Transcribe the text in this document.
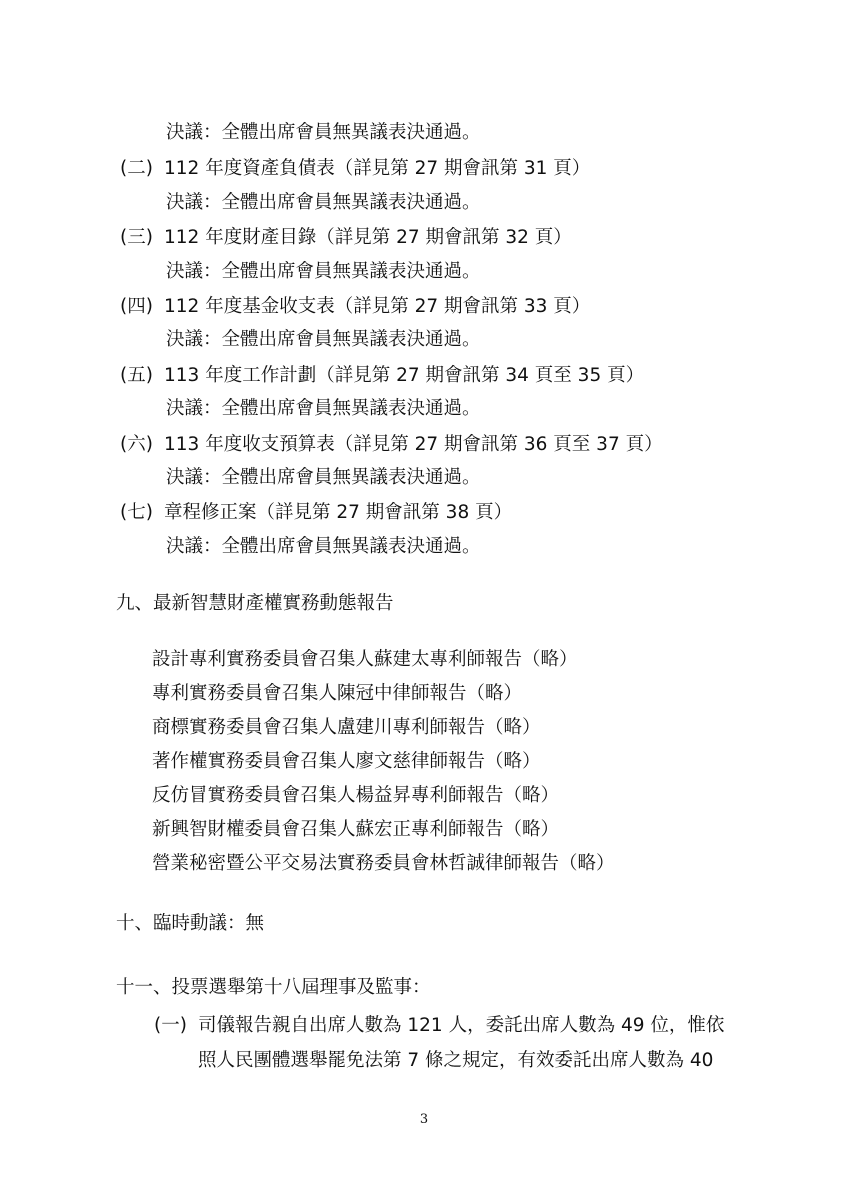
決議：全體出席會員無異議表決通過。
(二) 112 年度資產負債表（詳見第 27 期會訊第 31 頁）
決議：全體出席會員無異議表決通過。
(三) 112 年度財產目錄（詳見第 27 期會訊第 32 頁）
決議：全體出席會員無異議表決通過。
(四) 112 年度基金收支表（詳見第 27 期會訊第 33 頁）
決議：全體出席會員無異議表決通過。
(五) 113 年度工作計劃（詳見第 27 期會訊第 34 頁至 35 頁）
決議：全體出席會員無異議表決通過。
(六) 113 年度收支預算表（詳見第 27 期會訊第 36 頁至 37 頁）
決議：全體出席會員無異議表決通過。
(七) 章程修正案（詳見第 27 期會訊第 38 頁）
決議：全體出席會員無異議表決通過。
九、最新智慧財產權實務動態報告
設計專利實務委員會召集人蘇建太專利師報告（略）
專利實務委員會召集人陳冠中律師報告（略）
商標實務委員會召集人盧建川專利師報告（略）
著作權實務委員會召集人廖文慈律師報告（略）
反仿冒實務委員會召集人楊益昇專利師報告（略）
新興智財權委員會召集人蘇宏正專利師報告（略）
營業秘密暨公平交易法實務委員會林哲誠律師報告（略）
十、臨時動議：無
十一、投票選舉第十八屆理事及監事：
(一) 司儀報告親自出席人數為 121 人，委託出席人數為 49 位，惟依
照人民團體選舉罷免法第 7 條之規定，有效委託出席人數為 40
3
